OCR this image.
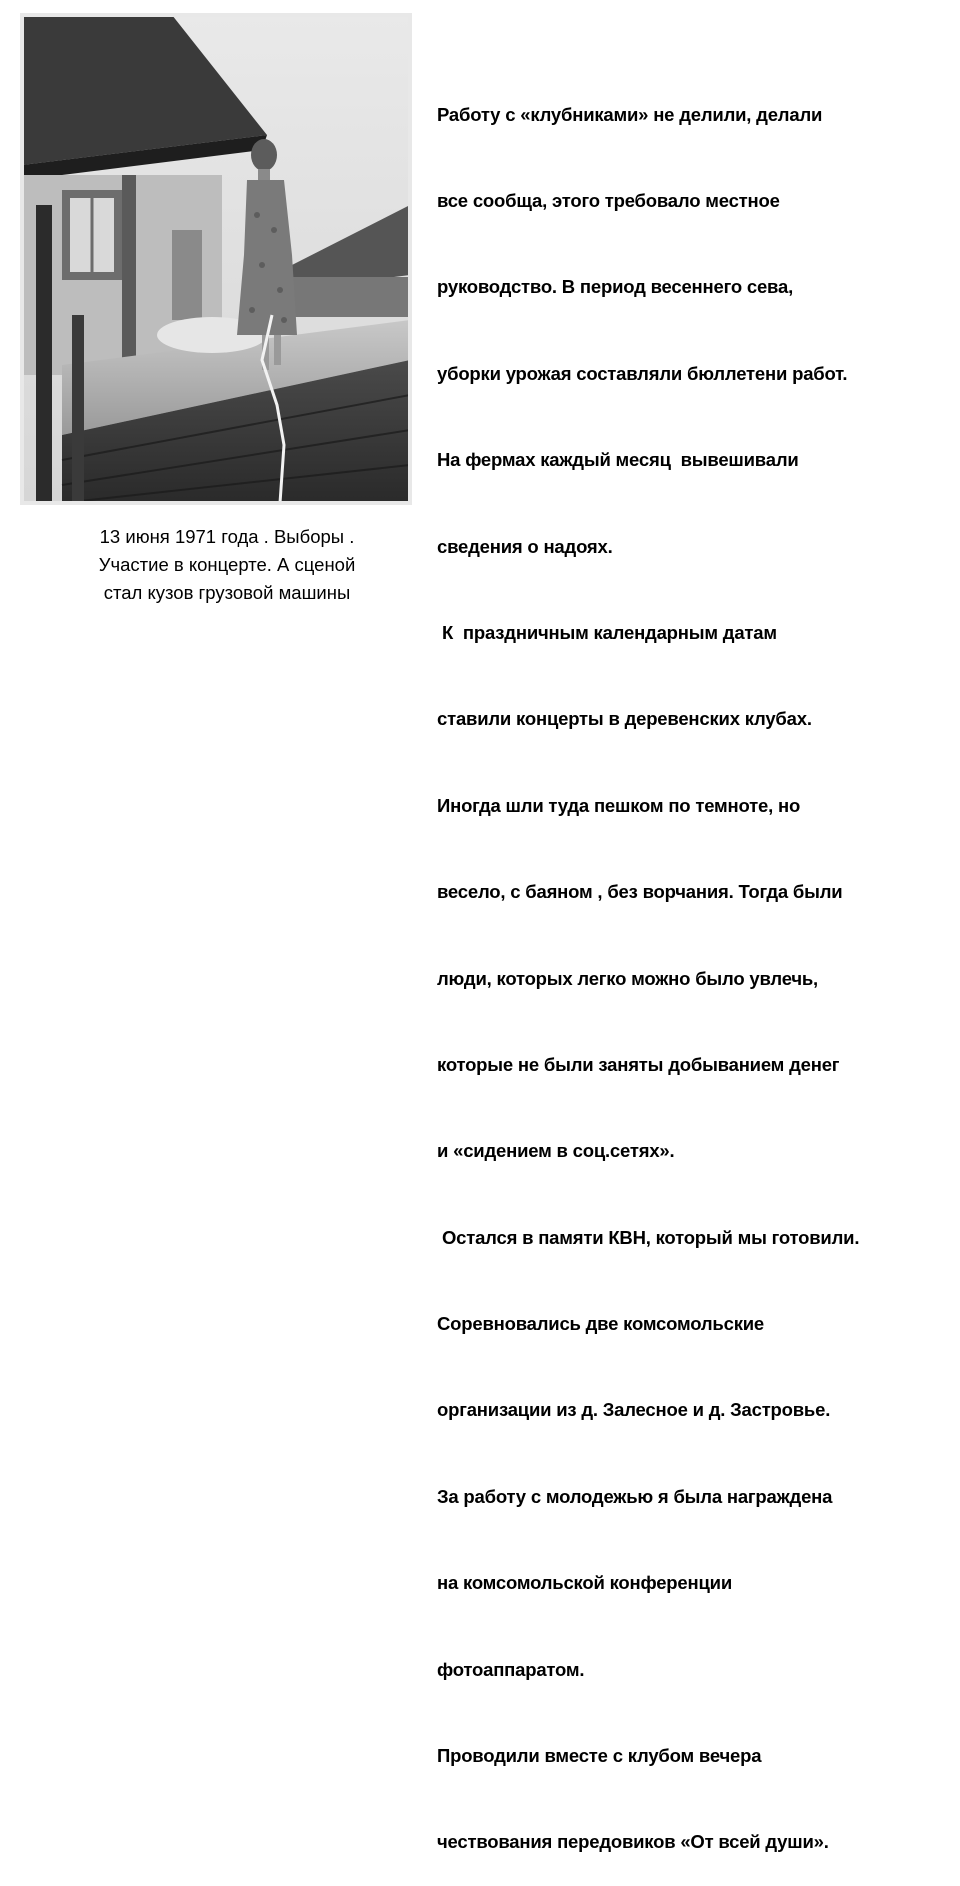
13 июня 1971 года . Выборы .
Участие в концерте. А сценой
стал кузов грузовой машины

Работу с «клубниками» не делили, делали

все сообща, этого требовало местное

руководство. В период весеннего сева,

уборки урожая составляли бюллетени работ.

На фермах каждый месяц  вывешивали

сведения о надоях.

К  праздничным календарным датам

ставили концерты в деревенских клубах.

Иногда шли туда пешком по темноте, но

весело, с баяном , без ворчания. Тогда были

люди, которых легко можно было увлечь,

которые не были заняты добыванием денег

и «сидением в соц.сетях».

Остался в памяти КВН, который мы готовили.

Соревновались две комсомольские

организации из д. Залесное и д. Застровье.

За работу с молодежью я была награждена

на комсомольской конференции

фотоаппаратом.

Проводили вместе с клубом вечера

чествования передовиков «От всей души».
